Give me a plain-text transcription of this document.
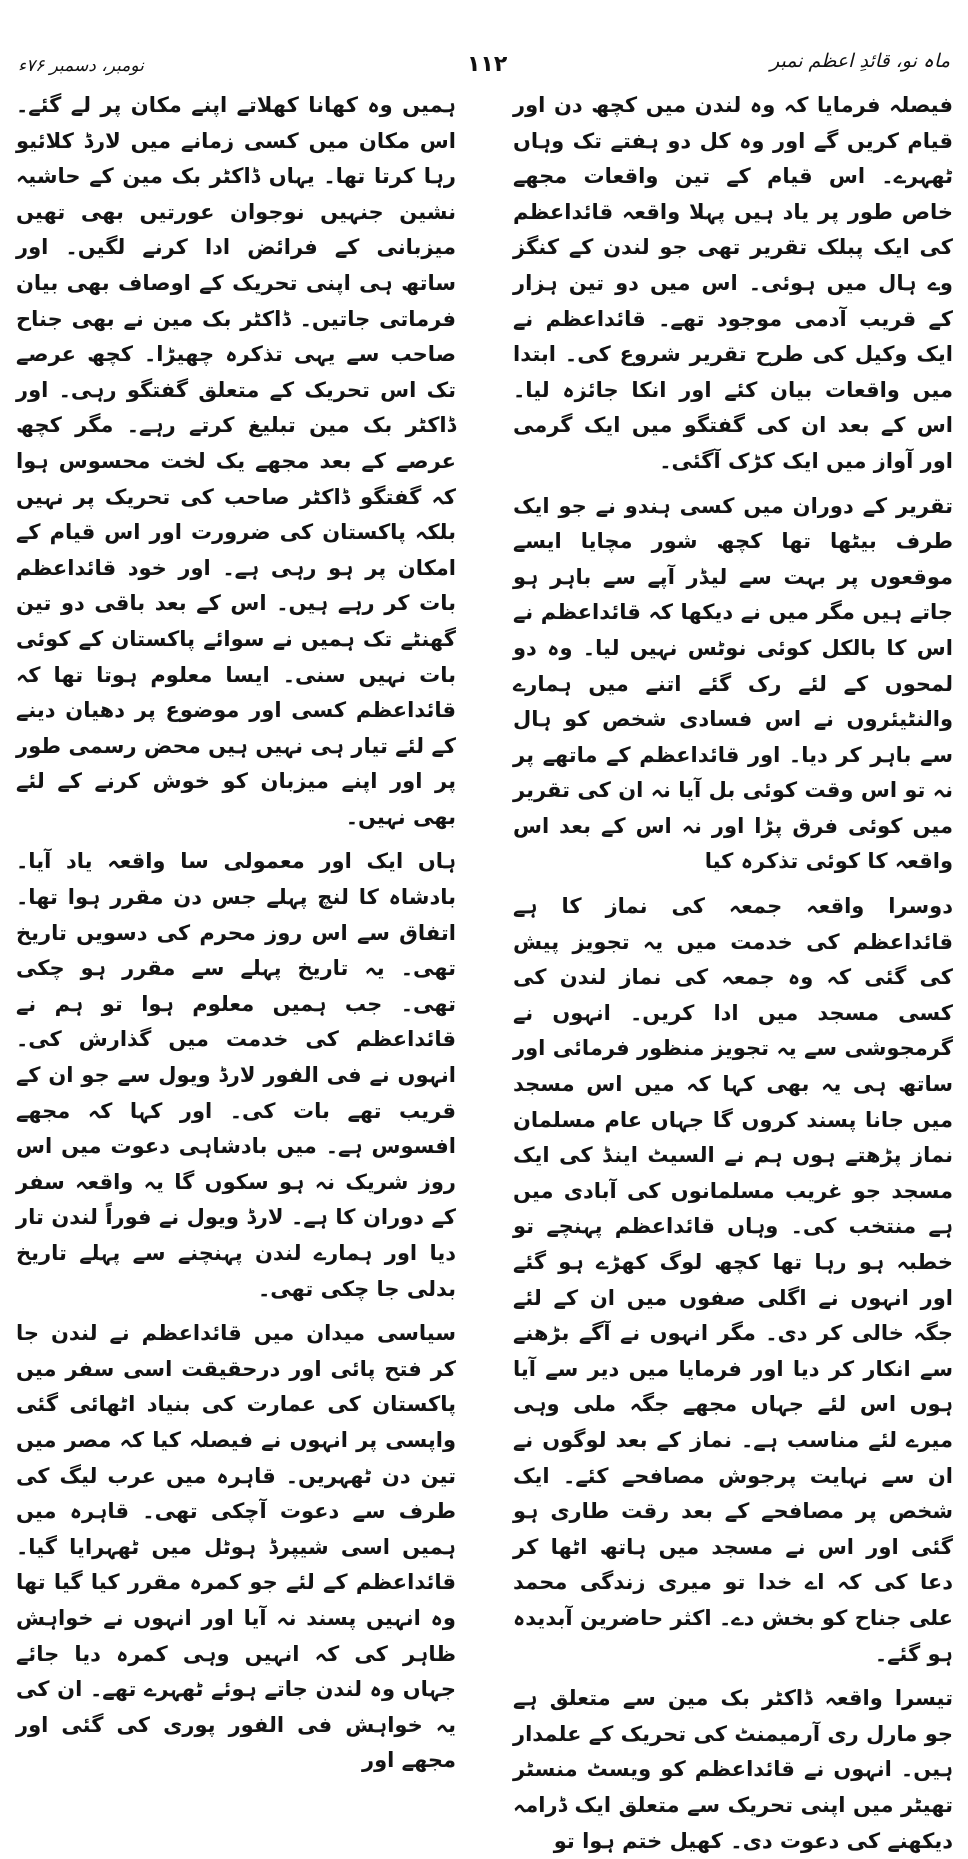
نومبر، دسمبر ۷۶ء	۱۱۲	ماہ نو، قائدِ اعظم نمبر

فیصلہ فرمایا کہ وہ لندن میں کچھ دن اور قیام کریں گے اور وہ کل دو ہفتے تک وہاں ٹھہرے۔ اس قیام کے تین واقعات مجھے خاص طور پر یاد ہیں پہلا واقعہ قائداعظم کی ایک پبلک تقریر تھی جو لندن کے کنگز وے ہال میں ہوئی۔ اس میں دو تین ہزار کے قریب آدمی موجود تھے۔ قائداعظم نے ایک وکیل کی طرح تقریر شروع کی۔ ابتدا میں واقعات بیان کئے اور انکا جائزہ لیا۔ اس کے بعد ان کی گفتگو میں ایک گرمی اور آواز میں ایک کڑک آگئی۔

تقریر کے دوران میں کسی ہندو نے جو ایک طرف بیٹھا تھا کچھ شور مچایا ایسے موقعوں پر بہت سے لیڈر آپے سے باہر ہو جاتے ہیں مگر میں نے دیکھا کہ قائداعظم نے اس کا بالکل کوئی نوٹس نہیں لیا۔ وہ دو لمحوں کے لئے رک گئے اتنے میں ہمارے والنٹیئروں نے اس فسادی شخص کو ہال سے باہر کر دیا۔ اور قائداعظم کے ماتھے پر نہ تو اس وقت کوئی بل آیا نہ ان کی تقریر میں کوئی فرق پڑا اور نہ اس کے بعد اس واقعہ کا کوئی تذکرہ کیا

دوسرا واقعہ جمعہ کی نماز کا ہے قائداعظم کی خدمت میں یہ تجویز پیش کی گئی کہ وہ جمعہ کی نماز لندن کی کسی مسجد میں ادا کریں۔ انہوں نے گرمجوشی سے یہ تجویز منظور فرمائی اور ساتھ ہی یہ بھی کہا کہ میں اس مسجد میں جانا پسند کروں گا جہاں عام مسلمان نماز پڑھتے ہوں ہم نے السیٹ اینڈ کی ایک مسجد جو غریب مسلمانوں کی آبادی میں ہے منتخب کی۔ وہاں قائداعظم پہنچے تو خطبہ ہو رہا تھا کچھ لوگ کھڑے ہو گئے اور انہوں نے اگلی صفوں میں ان کے لئے جگہ خالی کر دی۔ مگر انہوں نے آگے بڑھنے سے انکار کر دیا اور فرمایا میں دیر سے آیا ہوں اس لئے جہاں مجھے جگہ ملی وہی میرے لئے مناسب ہے۔ نماز کے بعد لوگوں نے ان سے نہایت پرجوش مصافحے کئے۔ ایک شخص پر مصافحے کے بعد رقت طاری ہو گئی اور اس نے مسجد میں ہاتھ اٹھا کر دعا کی کہ اے خدا تو میری زندگی محمد علی جناح کو بخش دے۔ اکثر حاضرین آبدیدہ ہو گئے۔

تیسرا واقعہ ڈاکٹر بک مین سے متعلق ہے جو مارل ری آرمیمنٹ کی تحریک کے علمدار ہیں۔ انہوں نے قائداعظم کو ویسٹ منسٹر تھیٹر میں اپنی تحریک سے متعلق ایک ڈرامہ دیکھنے کی دعوت دی۔ کھیل ختم ہوا تو

ہمیں وہ کھانا کھلاتے اپنے مکان پر لے گئے۔ اس مکان میں کسی زمانے میں لارڈ کلائیو رہا کرتا تھا۔ یہاں ڈاکٹر بک مین کے حاشیہ نشین جنہیں نوجوان عورتیں بھی تھیں میزبانی کے فرائض ادا کرنے لگیں۔ اور ساتھ ہی اپنی تحریک کے اوصاف بھی بیان فرماتی جاتیں۔ ڈاکٹر بک مین نے بھی جناح صاحب سے یہی تذکرہ چھیڑا۔ کچھ عرصے تک اس تحریک کے متعلق گفتگو رہی۔ اور ڈاکٹر بک مین تبلیغ کرتے رہے۔ مگر کچھ عرصے کے بعد مجھے یک لخت محسوس ہوا کہ گفتگو ڈاکٹر صاحب کی تحریک پر نہیں بلکہ پاکستان کی ضرورت اور اس قیام کے امکان پر ہو رہی ہے۔ اور خود قائداعظم بات کر رہے ہیں۔ اس کے بعد باقی دو تین گھنٹے تک ہمیں نے سوائے پاکستان کے کوئی بات نہیں سنی۔ ایسا معلوم ہوتا تھا کہ قائداعظم کسی اور موضوع پر دھیان دینے کے لئے تیار ہی نہیں ہیں محض رسمی طور پر اور اپنے میزبان کو خوش کرنے کے لئے بھی نہیں۔

ہاں ایک اور معمولی سا واقعہ یاد آیا۔ بادشاہ کا لنچ پہلے جس دن مقرر ہوا تھا۔ اتفاق سے اس روز محرم کی دسویں تاریخ تھی۔ یہ تاریخ پہلے سے مقرر ہو چکی تھی۔ جب ہمیں معلوم ہوا تو ہم نے قائداعظم کی خدمت میں گذارش کی۔ انہوں نے فی الفور لارڈ ویول سے جو ان کے قریب تھے بات کی۔ اور کہا کہ مجھے افسوس ہے۔ میں بادشاہی دعوت میں اس روز شریک نہ ہو سکوں گا یہ واقعہ سفر کے دوران کا ہے۔ لارڈ ویول نے فوراً لندن تار دیا اور ہمارے لندن پہنچنے سے پہلے تاریخ بدلی جا چکی تھی۔

سیاسی میدان میں قائداعظم نے لندن جا کر فتح پائی اور درحقیقت اسی سفر میں پاکستان کی عمارت کی بنیاد اٹھائی گئی واپسی پر انہوں نے فیصلہ کیا کہ مصر میں تین دن ٹھہریں۔ قاہرہ میں عرب لیگ کی طرف سے دعوت آچکی تھی۔ قاہرہ میں ہمیں اسی شیپرڈ ہوٹل میں ٹھہرایا گیا۔ قائداعظم کے لئے جو کمرہ مقرر کیا گیا تھا وہ انہیں پسند نہ آیا اور انہوں نے خواہش ظاہر کی کہ انہیں وہی کمرہ دیا جائے جہاں وہ لندن جاتے ہوئے ٹھہرے تھے۔ ان کی یہ خواہش فی الفور پوری کی گئی اور مجھے اور
